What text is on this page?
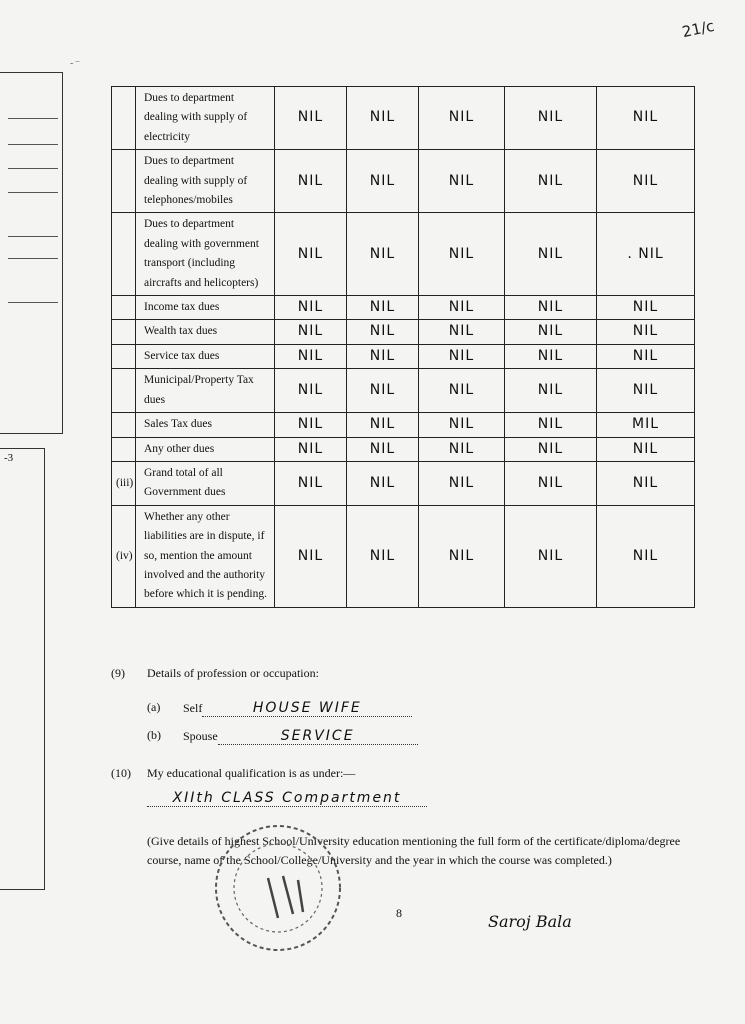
21/c
˜ ‾
-3
	Dues to department dealing with supply of electricity	NIL	NIL	NIL	NIL	NIL
	Dues to department dealing with supply of telephones/mobiles	NIL	NIL	NIL	NIL	NIL
	Dues to department dealing with government transport (including aircrafts and helicopters)	NIL	NIL	NIL	NIL	. NIL
	Income tax dues	NIL	NIL	NIL	NIL	NIL
	Wealth tax dues	NIL	NIL	NIL	NIL	NIL
	Service tax dues	NIL	NIL	NIL	NIL	NIL
	Municipal/Property Tax dues	NIL	NIL	NIL	NIL	NIL
	Sales Tax dues	NIL	NIL	NIL	NIL	MIL
	Any other dues	NIL	NIL	NIL	NIL	NIL
(iii)	Grand total of all Government dues	NIL	NIL	NIL	NIL	NIL
(iv)	Whether any other liabilities are in dispute, if so, mention the amount involved and the authority before which it is pending.	NIL	NIL	NIL	NIL	NIL
(9) Details of profession or occupation:
(a) Self	HOUSE WIFE
(b) Spouse	SERVICE
(10) My educational qualification is as under:—
XIIth CLASS Compartment
(Give details of highest School/University education mentioning the full form of the certificate/diploma/degree course, name of the School/College/University and the year in which the course was completed.)
8	Saroj Bala
